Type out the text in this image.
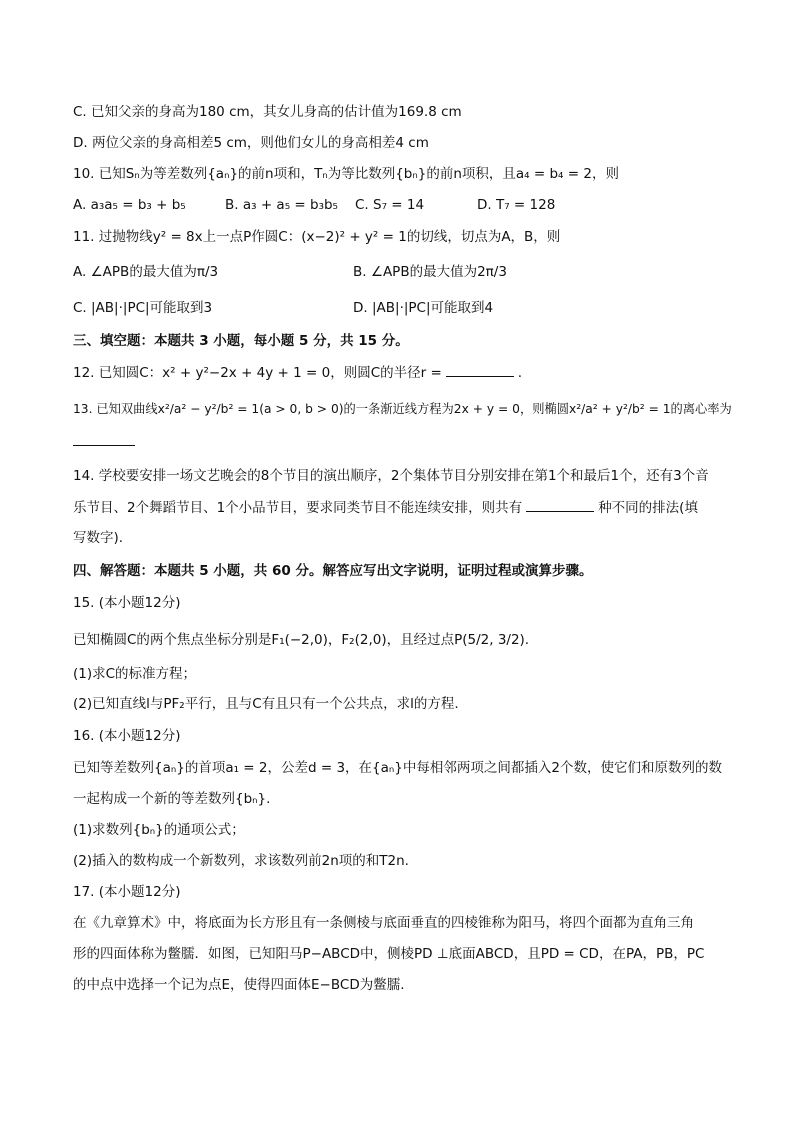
C. 已知父亲的身高为180 cm，其女儿身高的估计值为169.8 cm
D. 两位父亲的身高相差5 cm，则他们女儿的身高相差4 cm
10. 已知Sₙ为等差数列{aₙ}的前n项和，Tₙ为等比数列{bₙ}的前n项积，且a₄ = b₄ = 2，则
A. a₃a₅ = b₃ + b₅	B. a₃ + a₅ = b₃b₅ C. S₇ = 14	D. T₇ = 128
11. 过抛物线y² = 8x上一点P作圆C：(x−2)² + y² = 1的切线，切点为A，B，则
A. ∠APB的最大值为π/3	B. ∠APB的最大值为2π/3
C. |AB|·|PC|可能取到3	D. |AB|·|PC|可能取到4
三、填空题：本题共 3 小题，每小题 5 分，共 15 分。
12. 已知圆C：x² + y²−2x + 4y + 1 = 0，则圆C的半径r =	.
13. 已知双曲线x²/a² − y²/b² = 1(a > 0, b > 0)的一条渐近线方程为2x + y = 0，则椭圆x²/a² + y²/b² = 1的离心率为
14. 学校要安排一场文艺晚会的8个节目的演出顺序，2个集体节目分别安排在第1个和最后1个，还有3个音
乐节目、2个舞蹈节目、1个小品节目，要求同类节目不能连续安排，则共有	种不同的排法(填
写数字).
四、解答题：本题共 5 小题，共 60 分。解答应写出文字说明，证明过程或演算步骤。
15. (本小题12分)
已知椭圆C的两个焦点坐标分别是F₁(−2,0)，F₂(2,0)，且经过点P(5/2, 3/2).
(1)求C的标准方程；
(2)已知直线l与PF₂平行，且与C有且只有一个公共点，求l的方程.
16. (本小题12分)
已知等差数列{aₙ}的首项a₁ = 2，公差d = 3，在{aₙ}中每相邻两项之间都插入2个数，使它们和原数列的数
一起构成一个新的等差数列{bₙ}.
(1)求数列{bₙ}的通项公式；
(2)插入的数构成一个新数列，求该数列前2n项的和T2n.
17. (本小题12分)
在《九章算术》中，将底面为长方形且有一条侧棱与底面垂直的四棱锥称为阳马，将四个面都为直角三角
形的四面体称为鳖臑．如图，已知阳马P−ABCD中，侧棱PD ⊥底面ABCD，且PD = CD，在PA，PB，PC
的中点中选择一个记为点E，使得四面体E−BCD为鳖臑.
